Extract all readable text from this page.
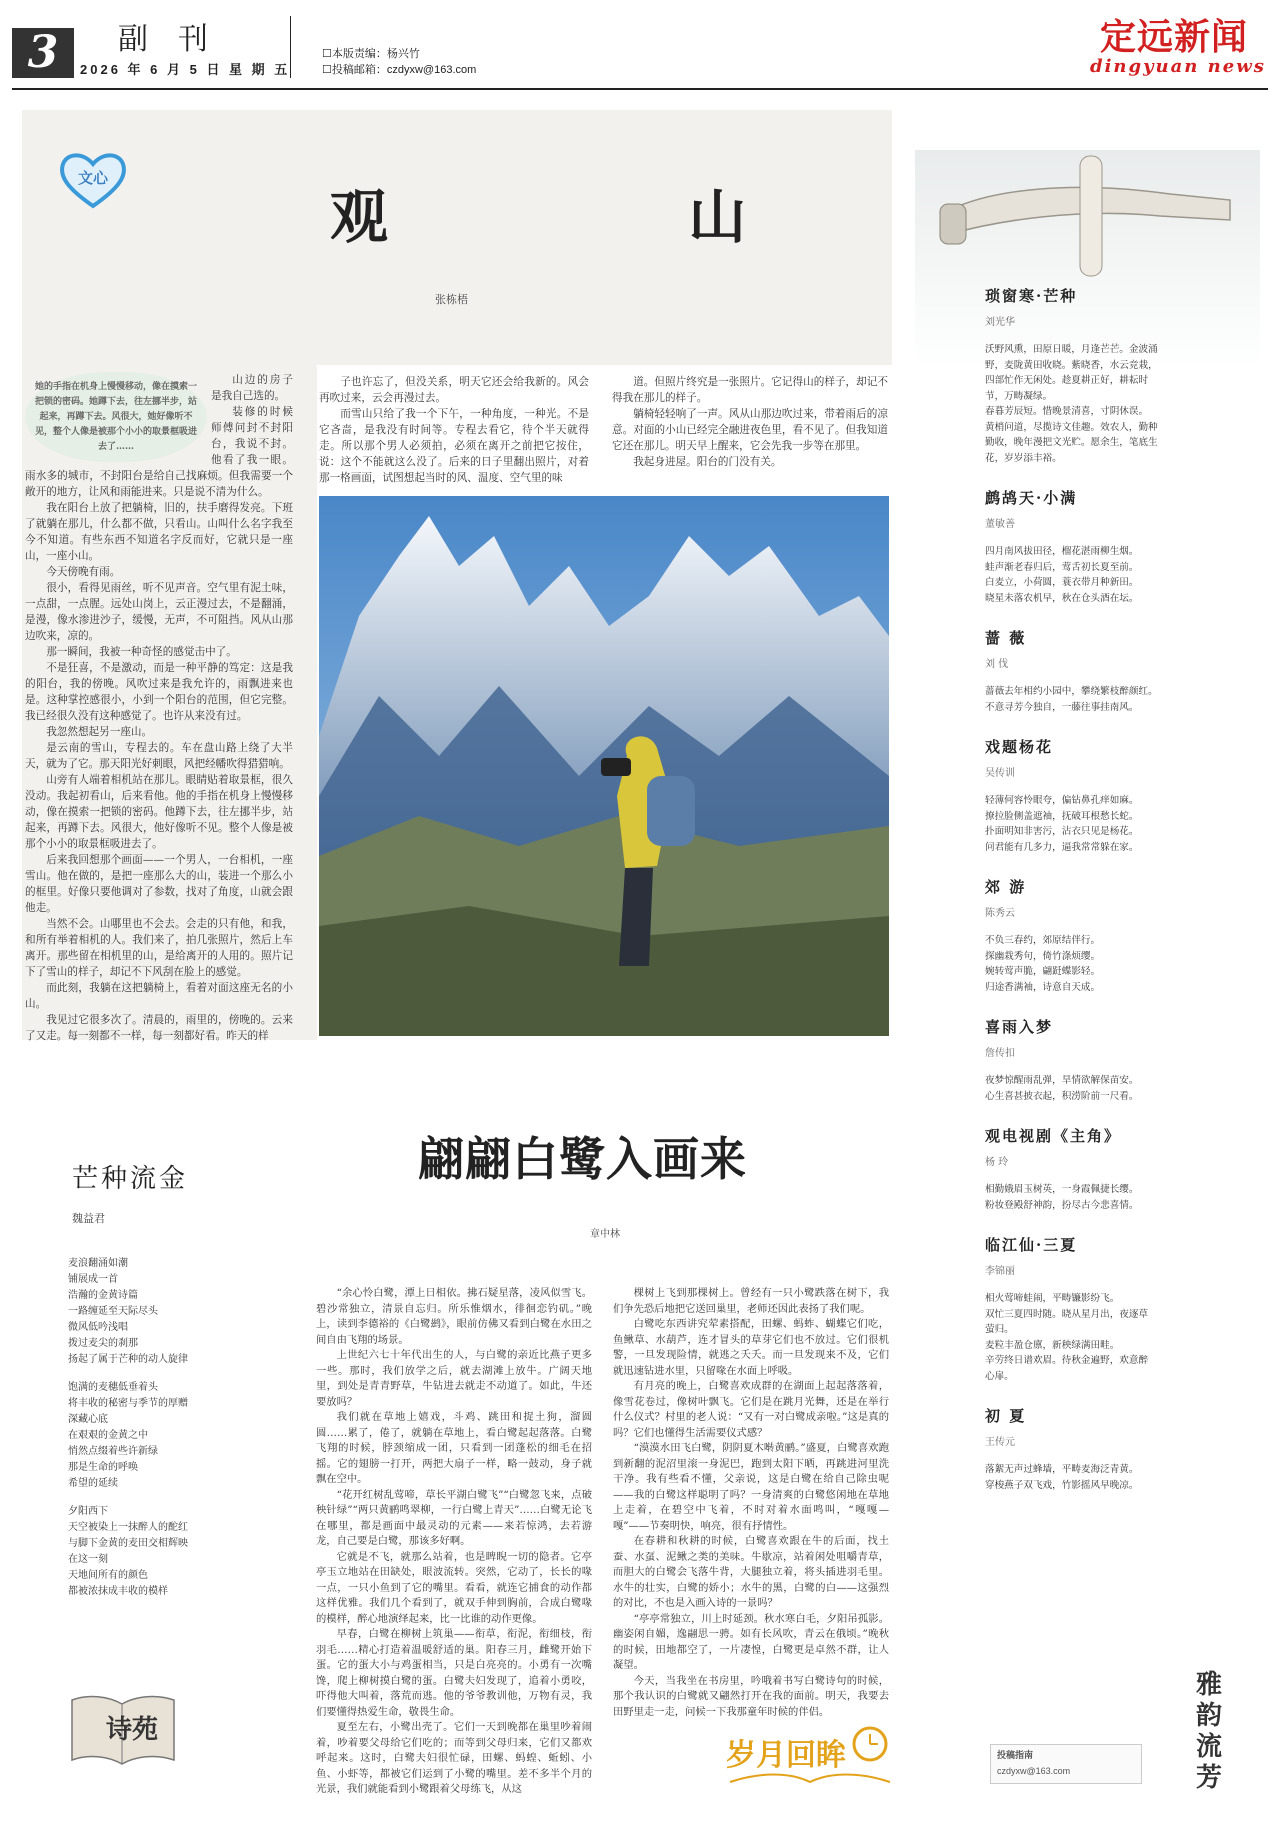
3	副刊
2026 年 6 月 5 日 星 期 五
☐本版责编：杨兴竹
☐投稿邮箱：czdyxw@163.com
定远新闻
dingyuan news
文心
观 山
张栋梧

她的手指在机身上慢慢移动，像在摸索一把锁的密码。她蹲下去，往左挪半步，站起来，再蹲下去。风很大，她好像听不见，整个人像是被那个小小的取景框吸进去了……

山边的房子是我自己选的。

装修的时候师傅问封不封阳台，我说不封。他看了我一眼。雨水多的城市，不封阳台是给自己找麻烦。但我需要一个敞开的地方，让风和雨能进来。只是说不清为什么。

我在阳台上放了把躺椅，旧的，扶手磨得发亮。下班了就躺在那儿，什么都不做，只看山。山叫什么名字我至今不知道。有些东西不知道名字反而好，它就只是一座山，一座小山。

今天傍晚有雨。

很小，看得见雨丝，听不见声音。空气里有泥土味，一点甜，一点腥。远处山岗上，云正漫过去，不是翻涌，是漫，像水渗进沙子，缓慢，无声，不可阻挡。风从山那边吹来，凉的。

那一瞬间，我被一种奇怪的感觉击中了。

不是狂喜，不是激动，而是一种平静的笃定：这是我的阳台，我的傍晚。风吹过来是我允许的，雨飘进来也是。这种掌控感很小，小到一个阳台的范围，但它完整。我已经很久没有这种感觉了。也许从来没有过。

我忽然想起另一座山。

是云南的雪山，专程去的。车在盘山路上绕了大半天，就为了它。那天阳光好刺眼，风把经幡吹得猎猎响。

山旁有人端着相机站在那儿。眼睛贴着取景框，很久没动。我起初看山，后来看他。他的手指在机身上慢慢移动，像在摸索一把锁的密码。他蹲下去，往左挪半步，站起来，再蹲下去。风很大，他好像听不见。整个人像是被那个小小的取景框吸进去了。

后来我回想那个画面——一个男人，一台相机，一座雪山。他在做的，是把一座那么大的山，装进一个那么小的框里。好像只要他调对了参数，找对了角度，山就会跟他走。

当然不会。山哪里也不会去。会走的只有他，和我，和所有举着相机的人。我们来了，拍几张照片，然后上车离开。那些留在相机里的山，是给离开的人用的。照片记下了雪山的样子，却记不下风刮在脸上的感觉。

而此刻，我躺在这把躺椅上，看着对面这座无名的小山。

我见过它很多次了。清晨的，雨里的，傍晚的。云来了又走。每一刻都不一样，每一刻都好看。昨天的样

子也许忘了，但没关系，明天它还会给我新的。风会再吹过来，云会再漫过去。

而雪山只给了我一个下午，一种角度，一种光。不是它吝啬，是我没有时间等。专程去看它，待个半天就得走。所以那个男人必须拍，必须在离开之前把它按住，说：这个不能就这么没了。后来的日子里翻出照片，对着那一格画面，试图想起当时的风、温度、空气里的味

道。但照片终究是一张照片。它记得山的样子，却记不得我在那儿的样子。

躺椅轻轻响了一声。风从山那边吹过来，带着雨后的凉意。对面的小山已经完全融进夜色里，看不见了。但我知道它还在那儿。明天早上醒来，它会先我一步等在那里。

我起身进屋。阳台的门没有关。

琐窗寒·芒种
刘光华
沃野风熏，田原日暖，月逢芒芒。金波涌
野，麦陇黄田收晓。紫晓香，水云竞栽，
四部忙作无闲处。趁夏耕正好，耕耘时
节，万畴凝绿。
春暮芳辰短。惜晚景清喜，寸阴休误。
黄梢问道，尽揽诗文佳趣。效农人，勤种
勤收，晚年漫把文光贮。愿余生，笔底生
花，岁岁添丰裕。
鹧鸪天·小满
董敏善
四月南风拔田径，榴花湛雨柳生烟。
蛙声渐老春归后，莺舌初长夏至前。
白麦立，小荷圆，蓑衣带月种新田。
晓星未落农机早，秋在仓头酒在坛。
蔷 薇
刘 伐
蔷薇去年相约小园中，攀绕繁枝醉颜红。
不意寻芳今独自，一藤往事挂南风。
戏题杨花
吴传训
轻薄何容怜眼夸，偏钻鼻孔痒如麻。
撩拉脸侧盖遮袖，抚破耳根愁长蛇。
扑面明知非害污，沾衣只见是杨花。
问君能有几多力，逼我常常躲在家。
郊 游
陈秀云
不负三春约，郊原结伴行。
探幽栽秀句，倚竹涤烦缨。
婉转莺声脆，翩跹蝶影轻。
归途香满袖，诗意自天成。
喜雨入梦
詹传扣
夜梦惊醒雨乱弹，旱情欲解保苗安。
心生喜甚披衣起，积涝阶前一尺看。
观电视剧《主角》
杨 玲
相勤娥眉玉树英，一身霞佩捷长缨。
粉妆登殿舒神韵，扮尽古今悲喜情。
临江仙·三夏
李锦丽
相火莺啼蛙闹，平畴镰影纷飞。
双忙三夏四时随。晓从星月出，夜逐草
萤归。
麦粒丰盈仓廪，新秧绿满田畦。
辛劳终日谱欢眉。待秋金遍野，欢意醉
心扉。
初 夏
王传元
落絮无声过蜂墙，平畴麦海泛青黄。
穿梭燕子双飞戏，竹影摇风早晚凉。
翩翩白鹭入画来
章中林

“余心怜白鹭，潭上日相依。拂石疑星落，凌风似雪飞。碧沙常独立，清景自忘归。所乐惟烟水，徘徊恋钓矶。”晚上，读到李德裕的《白鹭鹚》，眼前仿佛又看到白鹭在水田之间自由飞翔的场景。

上世纪六七十年代出生的人，与白鹭的亲近比燕子更多一些。那时，我们放学之后，就去湖滩上放牛。广阔天地里，到处是青青野草，牛钻进去就走不动道了。如此，牛还要放吗？

我们就在草地上嬉戏，斗鸡、跳田和捉土狗，溜圆圆……累了，倦了，就躺在草地上，看白鹭起起落落。白鹭飞翔的时候，脖颈缩成一团，只看到一团蓬松的细毛在招摇。它的翅膀一打开，两把大扇子一样，略一鼓动，身子就飘在空中。

“花开红树乱莺啼，草长平湖白鹭飞”“白鹭忽飞来，点破秧针绿”“两只黄鹂鸣翠柳，一行白鹭上青天”……白鹭无论飞在哪里，都是画面中最灵动的元素——来若惊鸿，去若游龙，自己要是白鹭，那该多好啊。

它就是不飞，就那么站着，也是睥睨一切的隐者。它亭亭玉立地站在田缺处，眼波流转。突然，它动了，长长的喙一点，一只小鱼到了它的嘴里。看看，就连它捕食的动作都这样优雅。我们几个看到了，就双手伸到胸前，合成白鹭喙的模样，醉心地演绎起来，比一比谁的动作更像。

早春，白鹭在柳树上筑巢——衔草，衔泥，衔细枝，衔羽毛……精心打造着温暖舒适的巢。阳春三月，雌鹭开始下蛋。它的蛋大小与鸡蛋相当，只是白亮亮的。小勇有一次嘴馋，爬上柳树摸白鹭的蛋。白鹭夫妇发现了，追着小勇咬，吓得他大叫着，落荒而逃。他的爷爷教训他，万物有灵，我们要懂得热爱生命，敬畏生命。

夏至左右，小鹭出壳了。它们一天到晚都在巢里吵着闹着，吵着要父母给它们吃的；而等到父母归来，它们又都欢呼起来。这时，白鹭夫妇很忙碌，田螺、蚂蝗、蚯蚓、小鱼、小虾等，都被它们运到了小鹭的嘴里。差不多半个月的光景，我们就能看到小鹭跟着父母练飞，从这

棵树上飞到那棵树上。曾经有一只小鹭跌落在树下，我们争先恐后地把它送回巢里，老师还因此表扬了我们呢。

白鹭吃东西讲究荤素搭配，田螺、蚂蚱、蝴蝶它们吃，鱼鳅草、水葫芦，连才冒头的草芽它们也不放过。它们很机警，一旦发现险情，就逃之夭夭。而一旦发现来不及，它们就迅速钻进水里，只留喙在水面上呼吸。

有月亮的晚上，白鹭喜欢成群的在湖面上起起落落着，像雪花卷过，像树叶飘飞。它们是在跳月光舞，还是在举行什么仪式？村里的老人说：“又有一对白鹭成亲啦。”这是真的吗？它们也懂得生活需要仪式感？

“漠漠水田飞白鹭，阴阴夏木啭黄鹂。”盛夏，白鹭喜欢跑到新翻的泥沼里滚一身泥巴，跑到太阳下晒，再跳进河里洗干净。我有些看不懂，父亲说，这是白鹭在给自己除虫呢——我的白鹭这样聪明了吗？一身清爽的白鹭悠闲地在草地上走着，在碧空中飞着，不时对着水面鸣叫，“嘎嘎—嘎”——节奏明快，响亮，很有抒情性。

在春耕和秋耕的时候，白鹭喜欢跟在牛的后面，找土蚕、水虿、泥鳅之类的美味。牛歇凉，站着闲处咀嚼青草，而胆大的白鹭会飞落牛背，大腿独立着，将头插进羽毛里。水牛的壮实，白鹭的娇小；水牛的黑，白鹭的白——这强烈的对比，不也是入画入诗的一景吗？

“亭亭常独立，川上时延颈。秋水寒白毛，夕阳吊孤影。幽姿闲自媚，逸翮思一骋。如有长风吹，青云在俄顷。”晚秋的时候，田地都空了，一片凄惶，白鹭更是卓然不群，让人凝望。

今天，当我坐在书房里，吟哦着书写白鹭诗句的时候，那个我认识的白鹭就又翩然打开在我的面前。明天，我要去田野里走一走，问候一下我那童年时候的伴侣。

芒种流金
魏益君
麦浪翻涌如潮
铺展成一首
浩瀚的金黄诗篇
一路缠延至天际尽头
微风低吟浅唱
拨过麦尖的刹那
扬起了属于芒种的动人旋律
饱满的麦穗低垂着头
将丰收的秘密与季节的厚赠
深藏心底
在艰艰的金黄之中
悄然点缀着些许新绿
那是生命的呼唤
希望的延续
夕阳西下
天空被染上一抹醉人的酡红
与脚下金黄的麦田交相辉映
在这一刻
天地间所有的颜色
都被浓抹成丰收的模样
诗苑
岁月回眸	投稿指南
czdyxw@163.com
雅韵流芳
